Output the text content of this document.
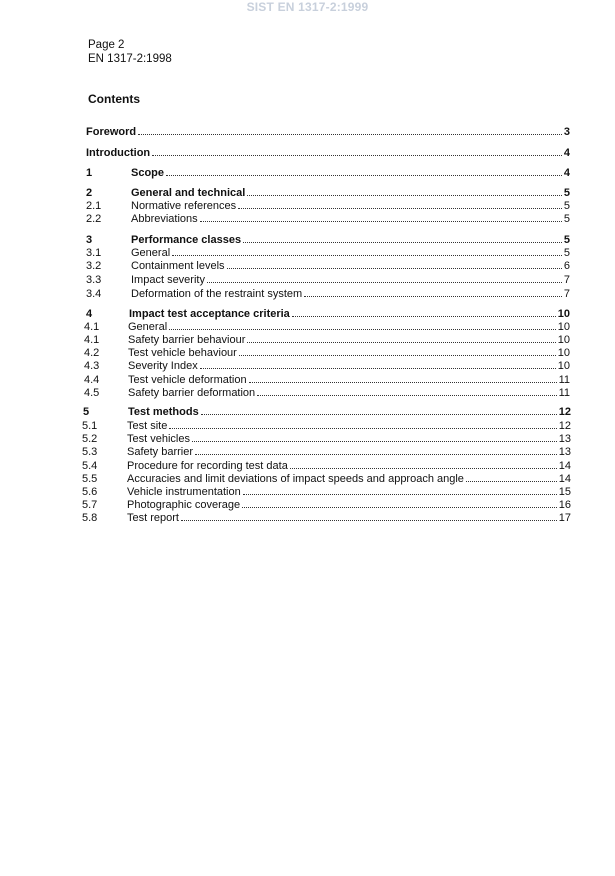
SIST EN 1317-2:1999
Page 2
EN 1317-2:1998
Contents
Foreword	3
Introduction	4
1	Scope	4
2	General and technical	5
2.1	Normative references	5
2.2	Abbreviations	5
3	Performance classes	5
3.1	General	5
3.2	Containment levels	6
3.3	Impact severity	7
3.4	Deformation of the restraint system	7
4	Impact test acceptance criteria	10
4.1	General	10
4.1	Safety barrier behaviour	10
4.2	Test vehicle behaviour	10
4.3	Severity Index	10
4.4	Test vehicle deformation	11
4.5	Safety barrier deformation	11
5	Test methods	12
5.1	Test site	12
5.2	Test vehicles	13
5.3	Safety barrier	13
5.4	Procedure for recording test data	14
5.5	Accuracies and limit deviations of impact speeds and approach angle	14
5.6	Vehicle instrumentation	15
5.7	Photographic coverage	16
5.8	Test report	17
